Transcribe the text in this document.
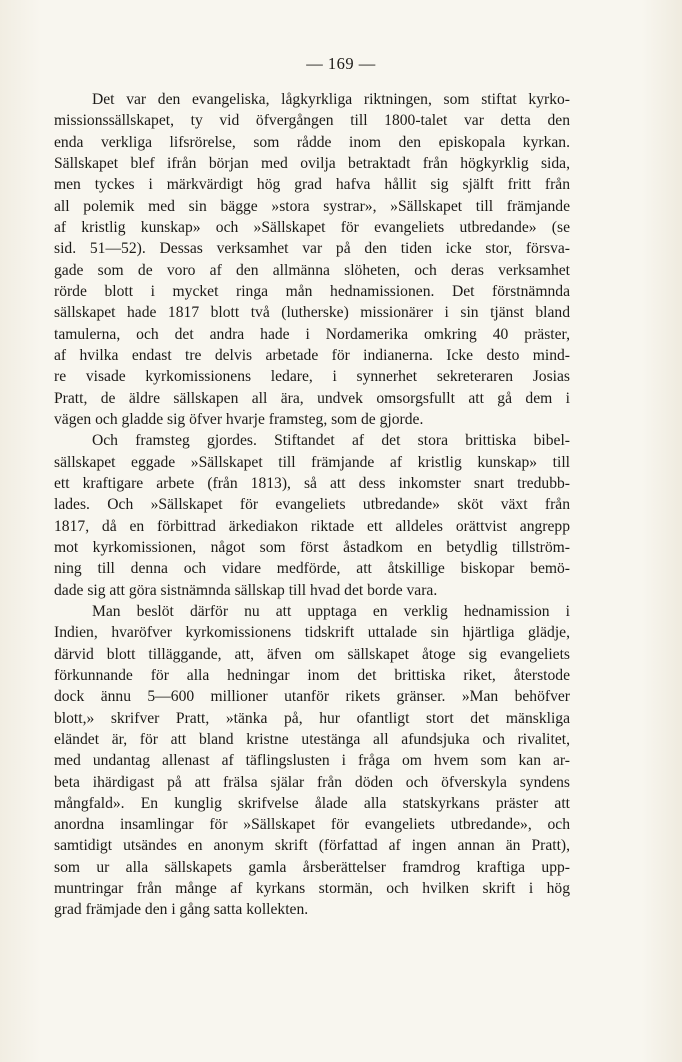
— 169 —
Det var den evangeliska, lågkyrkliga riktningen, som stiftat kyrko-
missionssällskapet, ty vid öfvergången till 1800-talet var detta den
enda verkliga lifsrörelse, som rådde inom den episkopala kyrkan.
Sällskapet blef ifrån början med ovilja betraktadt från högkyrklig sida,
men tyckes i märkvärdigt hög grad hafva hållit sig själft fritt från
all polemik med sin bägge »stora systrar», »Sällskapet till främjande
af kristlig kunskap» och »Sällskapet för evangeliets utbredande» (se
sid. 51—52). Dessas verksamhet var på den tiden icke stor, försva-
gade som de voro af den allmänna slöheten, och deras verksamhet
rörde blott i mycket ringa mån hednamissionen. Det förstnämnda
sällskapet hade 1817 blott två (lutherske) missionärer i sin tjänst bland
tamulerna, och det andra hade i Nordamerika omkring 40 präster,
af hvilka endast tre delvis arbetade för indianerna. Icke desto mind-
re visade kyrkomissionens ledare, i synnerhet sekreteraren Josias
Pratt, de äldre sällskapen all ära, undvek omsorgsfullt att gå dem i
vägen och gladde sig öfver hvarje framsteg, som de gjorde.
Och framsteg gjordes. Stiftandet af det stora brittiska bibel-
sällskapet eggade »Sällskapet till främjande af kristlig kunskap» till
ett kraftigare arbete (från 1813), så att dess inkomster snart tredubb-
lades. Och »Sällskapet för evangeliets utbredande» sköt växt från
1817, då en förbittrad ärkediakon riktade ett alldeles orättvist angrepp
mot kyrkomissionen, något som först åstadkom en betydlig tillström-
ning till denna och vidare medförde, att åtskillige biskopar bemö-
dade sig att göra sistnämnda sällskap till hvad det borde vara.
Man beslöt därför nu att upptaga en verklig hednamission i
Indien, hvaröfver kyrkomissionens tidskrift uttalade sin hjärtliga glädje,
därvid blott tilläggande, att, äfven om sällskapet åtoge sig evangeliets
förkunnande för alla hedningar inom det brittiska riket, återstode
dock ännu 5—600 millioner utanför rikets gränser. »Man behöfver
blott,» skrifver Pratt, »tänka på, hur ofantligt stort det mänskliga
eländet är, för att bland kristne utestänga all afundsjuka och rivalitet,
med undantag allenast af täflingslusten i fråga om hvem som kan ar-
beta ihärdigast på att frälsa själar från döden och öfverskyla syndens
mångfald». En kunglig skrifvelse ålade alla statskyrkans präster att
anordna insamlingar för »Sällskapet för evangeliets utbredande», och
samtidigt utsändes en anonym skrift (författad af ingen annan än Pratt),
som ur alla sällskapets gamla årsberättelser framdrog kraftiga upp-
muntringar från månge af kyrkans stormän, och hvilken skrift i hög
grad främjade den i gång satta kollekten.
